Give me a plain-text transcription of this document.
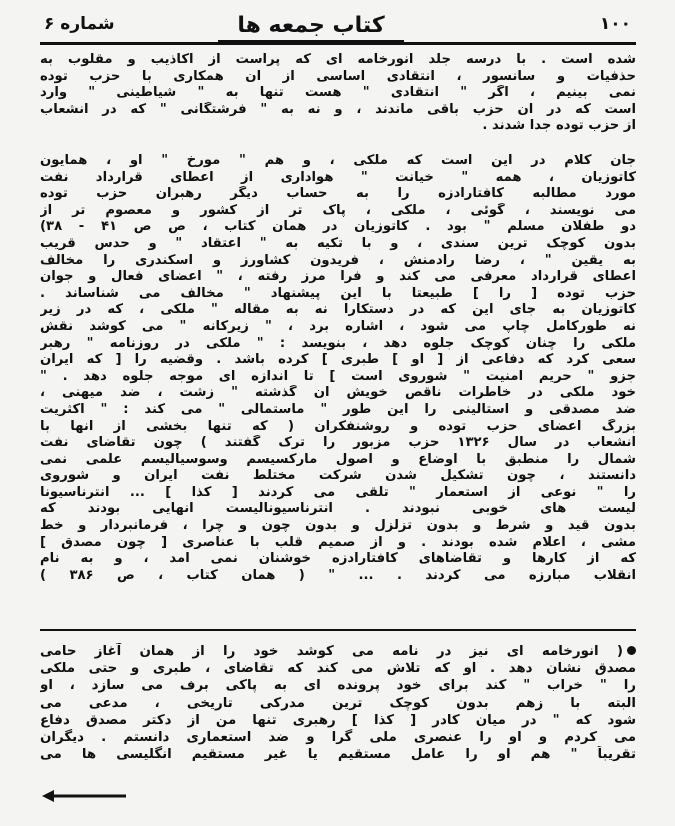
شماره ۶	کتاب جمعه ها	۱۰۰
شده است . با درسه جلد انورخامه ای که پراست از اکاذیب و مقلوب به
حذفیات و سانسور ، انتقادی اساسی از آن همکاری با حزب توده
نمی بینیم ، اگر " انتقادی " هست تنها به " شیاطینی " وارد
است که در آن حزب باقی ماندند ، و نه به " فرشتگانی " که در انشعاب
از حزب توده جدا شدند .
جان کلام در این است که ملکی ، و هم " مورخ " او ، همایون
کاتوزیان ، همه " خیانت " هواداری از اعطای قرارداد نفت
مورد مطالبه کافتارادزه را به حساب دیگر رهبران حزب توده
می نویسند ، گوئی ، ملکی ، پاک تر از کشور و معصوم تر از
دو طفلان مسلم " بود . کاتوزیان در همان کتاب ، ص ص ۴۱ - ۳۸)
بدون کوچک ترین سندی ، و با تکیه به " اعتقاد " و حدس قریب
به یقین " ، رضا رادمنش ، فریدون کشاورز و اسکندری را مخالف
اعطای قرارداد معرفی می کند و فرا مرز رفته ، " اعضای فعال و جوان
حزب توده [ را ] طبیعتاً با این پیشنهاد " مخالف می شناساند .
کاتوزیان به جای این که در دستکارا نه به مقاله " ملکی ، که در زیر
نه طورکامل چاپ می شود ، اشاره برد ، " زیرکانه " می کوشد نقش
ملکی را چنان کوچک جلوه دهد ، بنویسد : " ملکی در روزنامه " رهبر
سعی کرد که دفاعی از [ او ] طبری ] کرده باشد . وقضیه را [ که ایران
جزو " حریم امنیت " شوروی است ] تا اندازه ای موجه جلوه دهد . "
خود ملکی در خاطرات ناقص خویش آن گذشته " زشت ، ضد میهنی ،
ضد مصدقی و استالینی را این طور " ماستمالی " می کند : " اکثریت
بزرگ اعضای حزب توده و روشنفکران ( که تنها بخشی از آنها با
انشعاب در سال ۱۳۲۶ حزب مزبور را ترک گفتند ) چون تقاضای نفت
شمال را منطبق با اوضاع و اصول مارکسیسم وسوسیالیسم علمی نمی
دانستند ، چون تشکیل شدن شرکت مختلط نفت ایران و شوروی
را " نوعی از استعمار " تلقی می کردند [ کذا ] ... انترناسیونا
لیست های خوبی نبودند . انترناسیونالیست آنهایی بودند که
بدون قید و شرط و بدون تزلزل و بدون چون و چرا ، فرمانبردار و خط
مشی ، اعلام شده بودند . و از صمیم قلب با عناصری [ چون مصدق ]
که از کارها و تقاضاهای کافتارادزه خوشنان نمی آمد ، و به نام
انقلاب مبارزه می کردند . ... " ( همان کتاب ، ص ۳۸۶ )
( انورخامه ای نیز در نامه می کوشد خود را از همان آغاز حامی
مصدق نشان دهد . او که تلاش می کند که تقاضای ، طبری و حتی ملکی
را " خراب " کند برای خود پرونده ای به پاکی برف می سازد ، او
البته با زهم بدون کوچک ترین مدرکی تاریخی ، مدعی می
شود که " در میان کادر [ کذا ] رهبری تنها من از دکتر مصدق دفاع
می کردم و او را عنصری ملی گرا و ضد استعماری دانستم . دیگران
تقریباً " هم او را عامل مستقیم یا غیر مستقیم انگلیسی ها می
